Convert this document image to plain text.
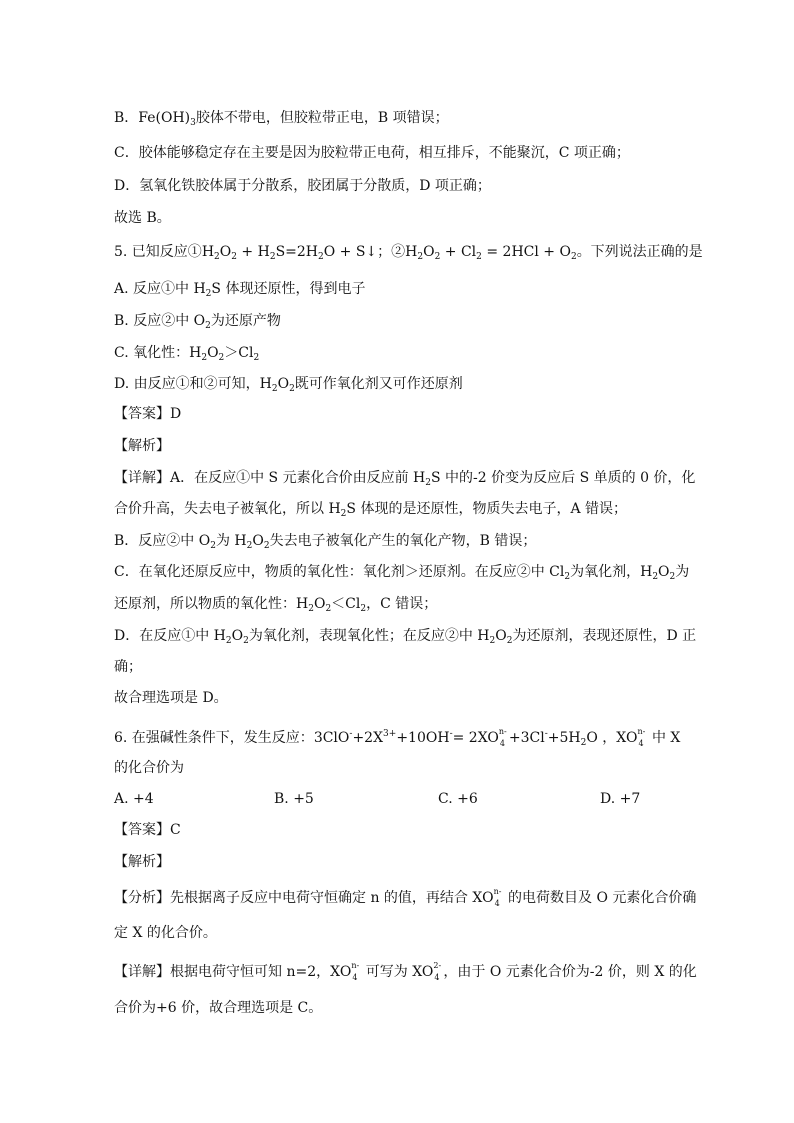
B．$Fe(OH)_3$胶体不带电，但胶粒带正电，B 项错误；
C．胶体能够稳定存在主要是因为胶粒带正电荷，相互排斥，不能聚沉，C 项正确；
D．氢氧化铁胶体属于分散系，胶团属于分散质，D 项正确；
故选 B。
5. 已知反应$①H_2O_2 + H_2S=2H_2O$ + S↓；$②H_2O_2 + Cl_2 = 2HCl + O_2$。下列说法正确的是
A. 反应①中 $H_2S$ 体现还原性，得到电子
B. 反应②中 $O_2$为还原产物
C. 氧化性：$H_2O_2>Cl_2$
D. 由反应①和②可知，$H_2O_2$既可作氧化剂又可作还原剂
【答案】D
【解析】
【详解】A．在反应①中 S 元素化合价由反应前 $H_2S$ 中的-2 价变为反应后 S 单质的 0 价，化
合价升高，失去电子被氧化，所以 $H_2S$ 体现的是还原性，物质失去电子，A 错误；
B．反应②中 $O_2$为 $H_2O_2$失去电子被氧化产生的氧化产物，B 错误；
C．在氧化还原反应中，物质的氧化性：氧化剂＞还原剂。在反应②中 $Cl_2$为氧化剂，$H_2O_2$为
还原剂，所以物质的氧化性：$H_2O_2<Cl_2$，C 错误；
D．在反应①中 $H_2O_2$为氧化剂，表现氧化性；在反应②中 $H_2O_2$为还原剂，表现还原性，D 正
确；
故合理选项是 D。
6. 在强碱性条件下，发生反应：$3ClO^-+2X^{3+}+10OH^-= 2XO$ n-
$4 +3Cl^-+5H_2O$ ，XO n-
4 中 X
的化合价为
A. +4	B. +5	C. +6	D. +7
【答案】C
【解析】
【分析】先根据离子反应中电荷守恒确定 n 的值，再结合 XO n-
4 的电荷数目及 O 元素化合价确
定 X 的化合价。
【详解】根据电荷守恒可知 n=2，XO n-
4 可写为 XO 2-
4 ，由于 O 元素化合价为-2 价，则 X 的化
合价为+6 价，故合理选项是 C。
